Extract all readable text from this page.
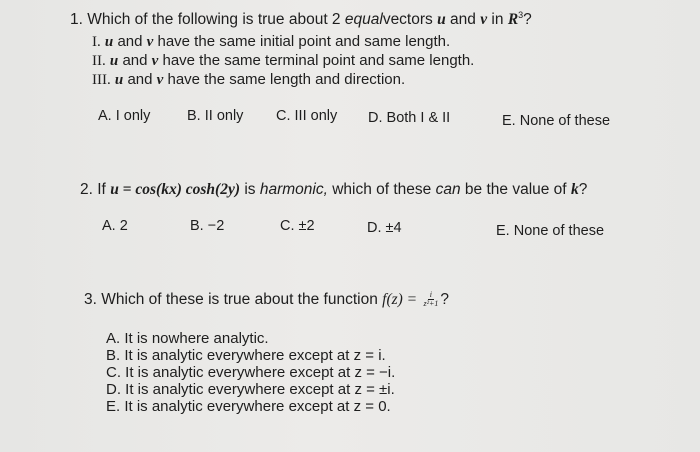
1. Which of the following is true about 2 equalvectors u and v in $R^3$?
I. u and v have the same initial point and same length.
II. u and v have the same terminal point and same length.
III. u and v have the same length and direction.
A. I only	B. II only C. III only D. Both I & II	E. None of these
2. If u = cos(kx) cosh(2y) is harmonic, which of these can be the value of k?
A. 2	B. −2	C. ±2	D. ±4	E. None of these
3. Which of these is true about the function $f(z) = \frac{i}{\text{z²+1}}$ ?
A. It is nowhere analytic.
B. It is analytic everywhere except at z = i.
C. It is analytic everywhere except at z = −i.
D. It is analytic everywhere except at z = ±i.
E. It is analytic everywhere except at z = 0.
